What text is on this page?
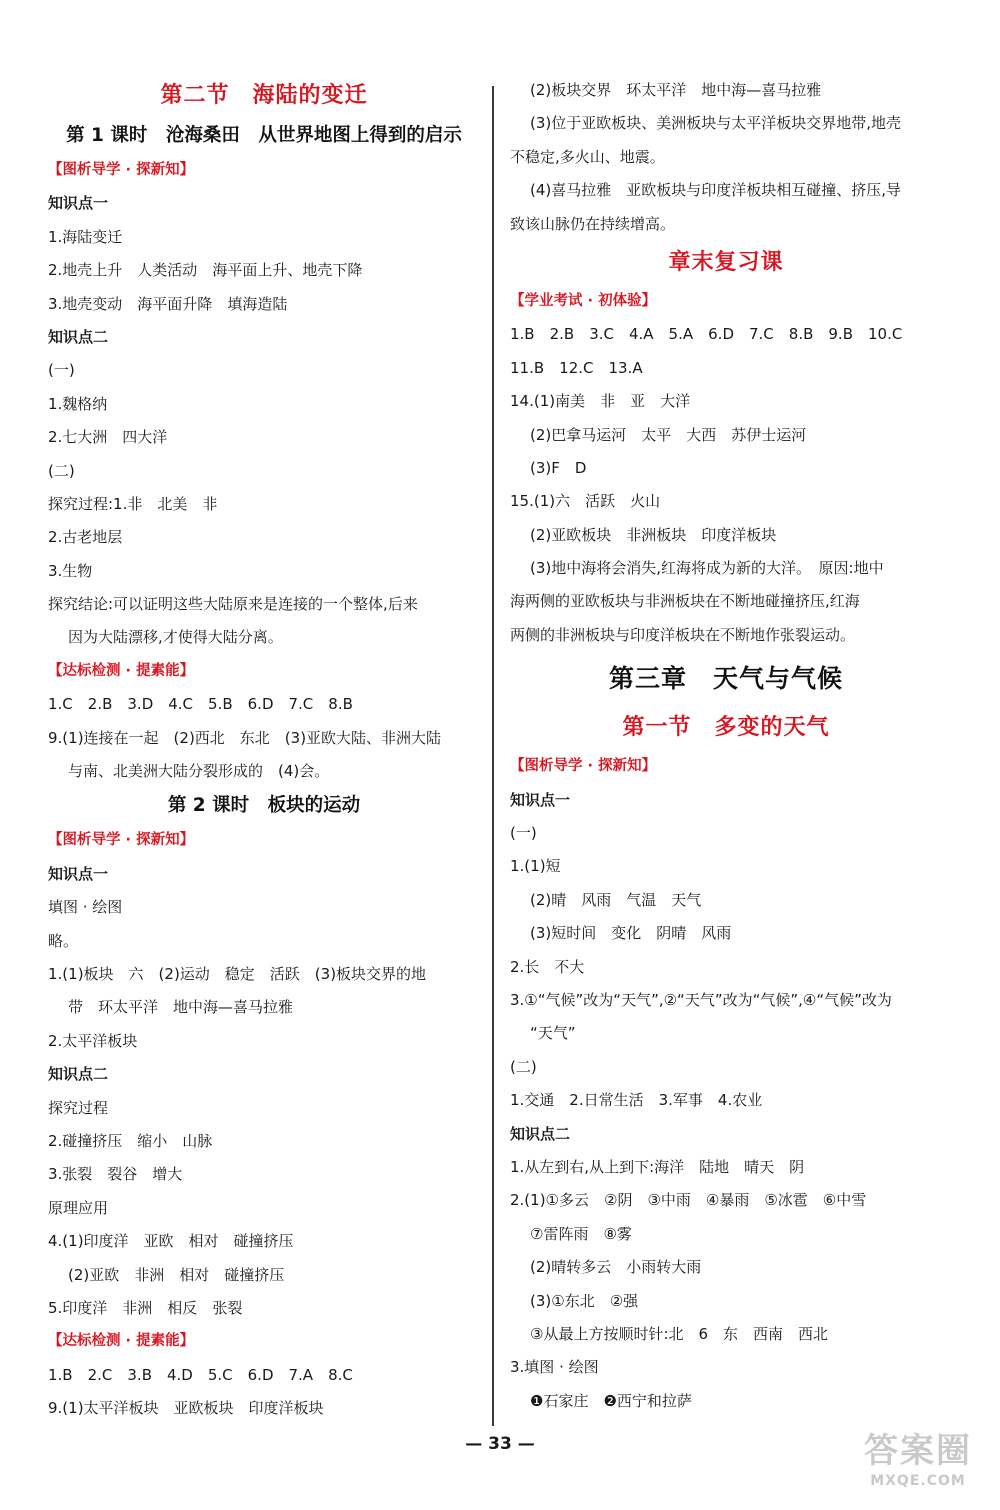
第二节　海陆的变迁
第 1 课时　沧海桑田　从世界地图上得到的启示
【图析导学 · 探新知】
知识点一
1.海陆变迁
2.地壳上升　人类活动　海平面上升、地壳下降
3.地壳变动　海平面升降　填海造陆
知识点二
(一)
1.魏格纳
2.七大洲　四大洋
(二)
探究过程:1.非　北美　非
2.古老地层
3.生物
探究结论:可以证明这些大陆原来是连接的一个整体,后来
因为大陆漂移,才使得大陆分离。
【达标检测 · 提素能】
1.C　2.B　3.D　4.C　5.B　6.D　7.C　8.B
9.(1)连接在一起　(2)西北　东北　(3)亚欧大陆、非洲大陆
与南、北美洲大陆分裂形成的　(4)会。
第 2 课时　板块的运动
【图析导学 · 探新知】
知识点一
填图 · 绘图
略。
1.(1)板块　六　(2)运动　稳定　活跃　(3)板块交界的地
带　环太平洋　地中海—喜马拉雅
2.太平洋板块
知识点二
探究过程
2.碰撞挤压　缩小　山脉
3.张裂　裂谷　增大
原理应用
4.(1)印度洋　亚欧　相对　碰撞挤压
(2)亚欧　非洲　相对　碰撞挤压
5.印度洋　非洲　相反　张裂
【达标检测 · 提素能】
1.B　2.C　3.B　4.D　5.C　6.D　7.A　8.C
9.(1)太平洋板块　亚欧板块　印度洋板块
(2)板块交界　环太平洋　地中海—喜马拉雅
(3)位于亚欧板块、美洲板块与太平洋板块交界地带,地壳
不稳定,多火山、地震。
(4)喜马拉雅　亚欧板块与印度洋板块相互碰撞、挤压,导
致该山脉仍在持续增高。
章末复习课
【学业考试 · 初体验】
1.B　2.B　3.C　4.A　5.A　6.D　7.C　8.B　9.B　10.C
11.B　12.C　13.A
14.(1)南美　非　亚　大洋
(2)巴拿马运河　太平　大西　苏伊士运河
(3)F　D
15.(1)六　活跃　火山
(2)亚欧板块　非洲板块　印度洋板块
(3)地中海将会消失,红海将成为新的大洋。　原因:地中
海两侧的亚欧板块与非洲板块在不断地碰撞挤压,红海
两侧的非洲板块与印度洋板块在不断地作张裂运动。
第三章　天气与气候
第一节　多变的天气
【图析导学 · 探新知】
知识点一
(一)
1.(1)短
(2)晴　风雨　气温　天气
(3)短时间　变化　阴晴　风雨
2.长　不大
3.①“气候”改为“天气”,②“天气”改为“气候”,④“气候”改为
“天气”
(二)
1.交通　2.日常生活　3.军事　4.农业
知识点二
1.从左到右,从上到下:海洋　陆地　晴天　阴
2.(1)①多云　②阴　③中雨　④暴雨　⑤冰雹　⑥中雪
⑦雷阵雨　⑧雾
(2)晴转多云　小雨转大雨
(3)①东北　②强
③从最上方按顺时针:北　6　东　西南　西北
3.填图 · 绘图
❶石家庄　❷西宁和拉萨
— 33 —	答案圈
MXQE.COM
